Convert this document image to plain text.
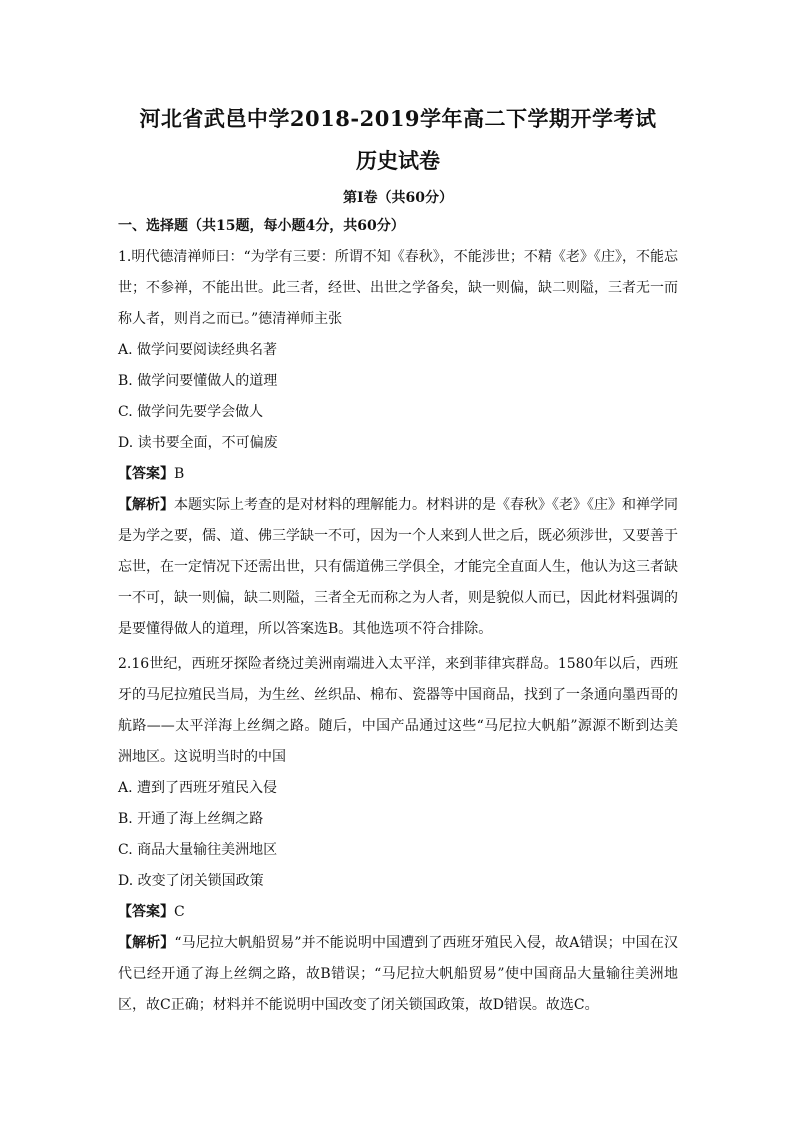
河北省武邑中学2018-2019学年高二下学期开学考试
历史试卷
第Ⅰ卷（共60分）
一、选择题（共15题，每小题4分，共60分）
1.明代德清禅师曰：“为学有三要：所谓不知《春秋》，不能涉世；不精《老》《庄》，不能忘世；不参禅，不能出世。此三者，经世、出世之学备矣，缺一则偏，缺二则隘，三者无一而称人者，则肖之而已。”德清禅师主张
A. 做学问要阅读经典名著
B. 做学问要懂做人的道理
C. 做学问先要学会做人
D. 读书要全面，不可偏废
【答案】B
【解析】本题实际上考查的是对材料的理解能力。材料讲的是《春秋》《老》《庄》和禅学同是为学之要，儒、道、佛三学缺一不可，因为一个人来到人世之后，既必须涉世，又要善于忘世，在一定情况下还需出世，只有儒道佛三学俱全，才能完全直面人生，他认为这三者缺一不可，缺一则偏，缺二则隘，三者全无而称之为人者，则是貌似人而已，因此材料强调的是要懂得做人的道理，所以答案选B。其他选项不符合排除。
2.16世纪，西班牙探险者绕过美洲南端进入太平洋，来到菲律宾群岛。1580年以后，西班牙的马尼拉殖民当局，为生丝、丝织品、棉布、瓷器等中国商品，找到了一条通向墨西哥的航路——太平洋海上丝绸之路。随后，中国产品通过这些“马尼拉大帆船”源源不断到达美洲地区。这说明当时的中国
A. 遭到了西班牙殖民入侵
B. 开通了海上丝绸之路
C. 商品大量输往美洲地区
D. 改变了闭关锁国政策
【答案】C
【解析】“马尼拉大帆船贸易”并不能说明中国遭到了西班牙殖民入侵，故A错误；中国在汉代已经开通了海上丝绸之路，故B错误；“马尼拉大帆船贸易”使中国商品大量输往美洲地区，故C正确；材料并不能说明中国改变了闭关锁国政策，故D错误。故选C。
